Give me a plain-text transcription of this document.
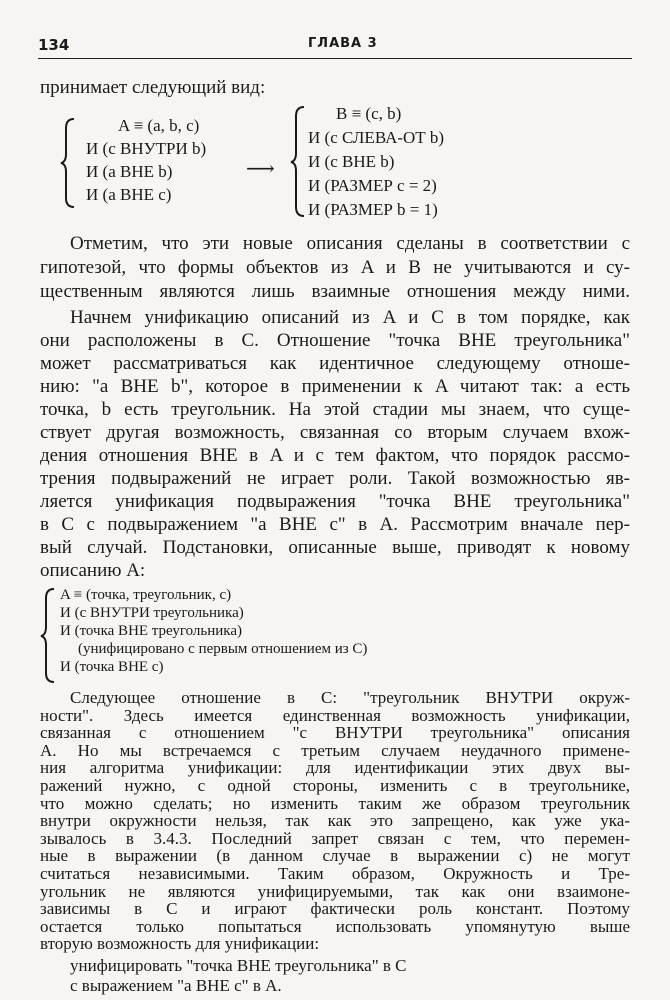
134	ГЛАВА 3
принимает следующий вид:
A ≡ (a, b, c)
И (c ВНУТРИ b)
И (a ВНЕ b)
И (a ВНЕ c)
⟶
B ≡ (c, b)
И (c СЛЕВА-ОТ b)
И (c ВНЕ b)
И (РАЗМЕР c = 2)
И (РАЗМЕР b = 1)
Отметим, что эти новые описания сделаны в соответствии с
гипотезой, что формы объектов из A и B не учитываются и су-
щественным являются лишь взаимные отношения между ними.
Начнем унификацию описаний из A и C в том порядке, как
они расположены в C. Отношение "точка ВНЕ треугольника"
может рассматриваться как идентичное следующему отноше-
нию: "a ВНЕ b", которое в применении к A читают так: a есть
точка, b есть треугольник. На этой стадии мы знаем, что суще-
ствует другая возможность, связанная со вторым случаем вхож-
дения отношения ВНЕ в A и с тем фактом, что порядок рассмо-
трения подвыражений не играет роли. Такой возможностью яв-
ляется унификация подвыражения "точка ВНЕ треугольника"
в C с подвыражением "a ВНЕ c" в A. Рассмотрим вначале пер-
вый случай. Подстановки, описанные выше, приводят к новому
описанию A:
A ≡ (точка, треугольник, c)
И (c ВНУТРИ треугольника)
И (точка ВНЕ треугольника)
(унифицировано с первым отношением из C)
И (точка ВНЕ c)
Следующее отношение в C: "треугольник ВНУТРИ окруж-
ности". Здесь имеется единственная возможность унификации,
связанная с отношением "c ВНУТРИ треугольника" описания
A. Но мы встречаемся с третьим случаем неудачного примене-
ния алгоритма унификации: для идентификации этих двух вы-
ражений нужно, с одной стороны, изменить c в треугольнике,
что можно сделать; но изменить таким же образом треугольник
внутри окружности нельзя, так как это запрещено, как уже ука-
зывалось в 3.4.3. Последний запрет связан с тем, что перемен-
ные в выражении (в данном случае в выражении c) не могут
считаться независимыми. Таким образом, Окружность и Тре-
угольник не являются унифицируемыми, так как они взаимоне-
зависимы в C и играют фактически роль констант. Поэтому
остается только попытаться использовать упомянутую выше
вторую возможность для унификации:
унифицировать "точка ВНЕ треугольника" в C
с выражением "a ВНЕ c" в A.
